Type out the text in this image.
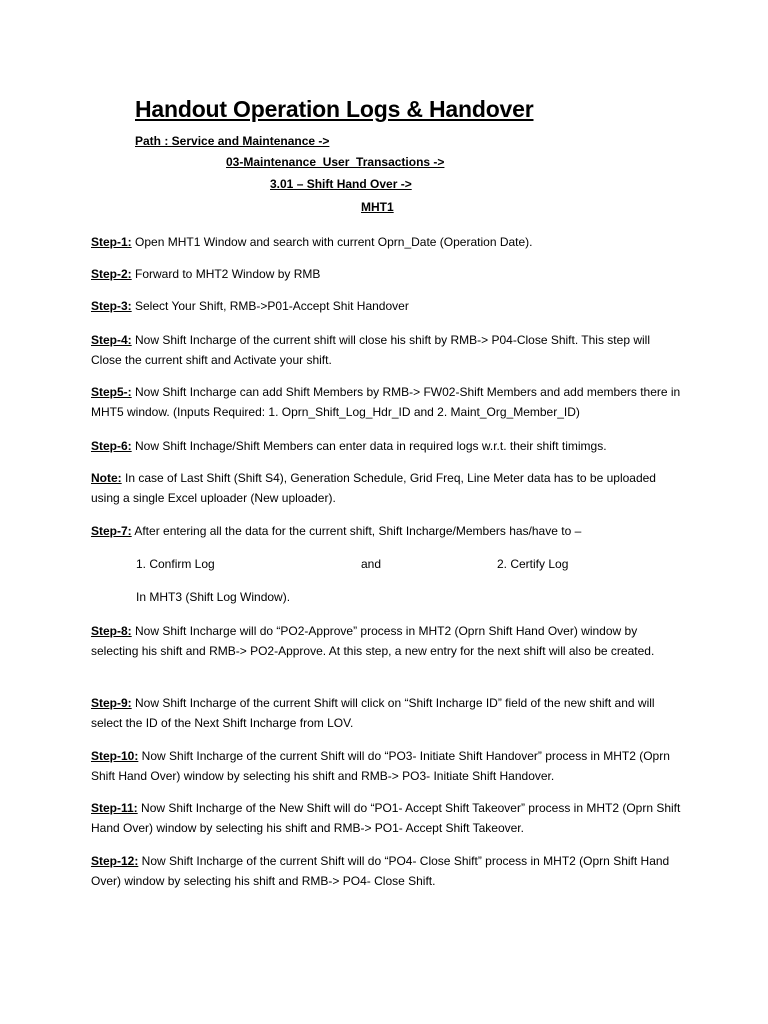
Handout Operation Logs & Handover
Path : Service and Maintenance ->
03-Maintenance_User_Transactions ->
3.01 – Shift Hand Over ->
MHT1
Step-1: Open MHT1 Window and search with current Oprn_Date (Operation Date).
Step-2: Forward to MHT2 Window by RMB
Step-3: Select Your Shift, RMB->P01-Accept Shit Handover
Step-4: Now Shift Incharge of the current shift will close his shift by RMB-> P04-Close Shift. This step will Close the current shift and Activate your shift.
Step5-: Now Shift Incharge can add Shift Members by RMB-> FW02-Shift Members and add members there in MHT5 window. (Inputs Required: 1. Oprn_Shift_Log_Hdr_ID and 2. Maint_Org_Member_ID)
Step-6: Now Shift Inchage/Shift Members can enter data in required logs w.r.t. their shift timimgs.
Note: In case of Last Shift (Shift S4), Generation Schedule, Grid Freq, Line Meter data has to be uploaded using a single Excel uploader (New uploader).
Step-7: After entering all the data for the current shift, Shift Incharge/Members has/have to –
1. Confirm Log	and	2. Certify Log
In MHT3 (Shift Log Window).
Step-8: Now Shift Incharge will do “PO2-Approve” process in MHT2 (Oprn Shift Hand Over) window by selecting his shift and RMB-> PO2-Approve. At this step, a new entry for the next shift will also be created.
Step-9: Now Shift Incharge of the current Shift will click on “Shift Incharge ID” field of the new shift and will select the ID of the Next Shift Incharge from LOV.
Step-10: Now Shift Incharge of the current Shift will do “PO3- Initiate Shift Handover” process in MHT2 (Oprn Shift Hand Over) window by selecting his shift and RMB-> PO3- Initiate Shift Handover.
Step-11: Now Shift Incharge of the New Shift will do “PO1- Accept Shift Takeover” process in MHT2 (Oprn Shift Hand Over) window by selecting his shift and RMB-> PO1- Accept Shift Takeover.
Step-12: Now Shift Incharge of the current Shift will do “PO4- Close Shift” process in MHT2 (Oprn Shift Hand Over) window by selecting his shift and RMB-> PO4- Close Shift.
